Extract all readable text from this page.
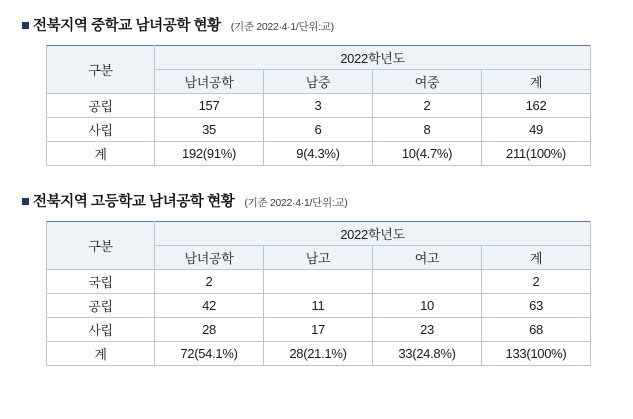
전북지역 중학교 남녀공학 현황 (기준 2022·4·1/단위:교)
구분	2022학년도			
	남녀공학	남중	여중	계
공립	157	3	2	162
사립	35	6	8	49
계	192(91%)	9(4.3%)	10(4.7%)	211(100%)
전북지역 고등학교 남녀공학 현황 (기준 2022·4·1/단위:교)
구분	2022학년도			
	남녀공학	남고	여고	계
국립	2			2
공립	42	11	10	63
사립	28	17	23	68
계	72(54.1%)	28(21.1%)	33(24.8%)	133(100%)
